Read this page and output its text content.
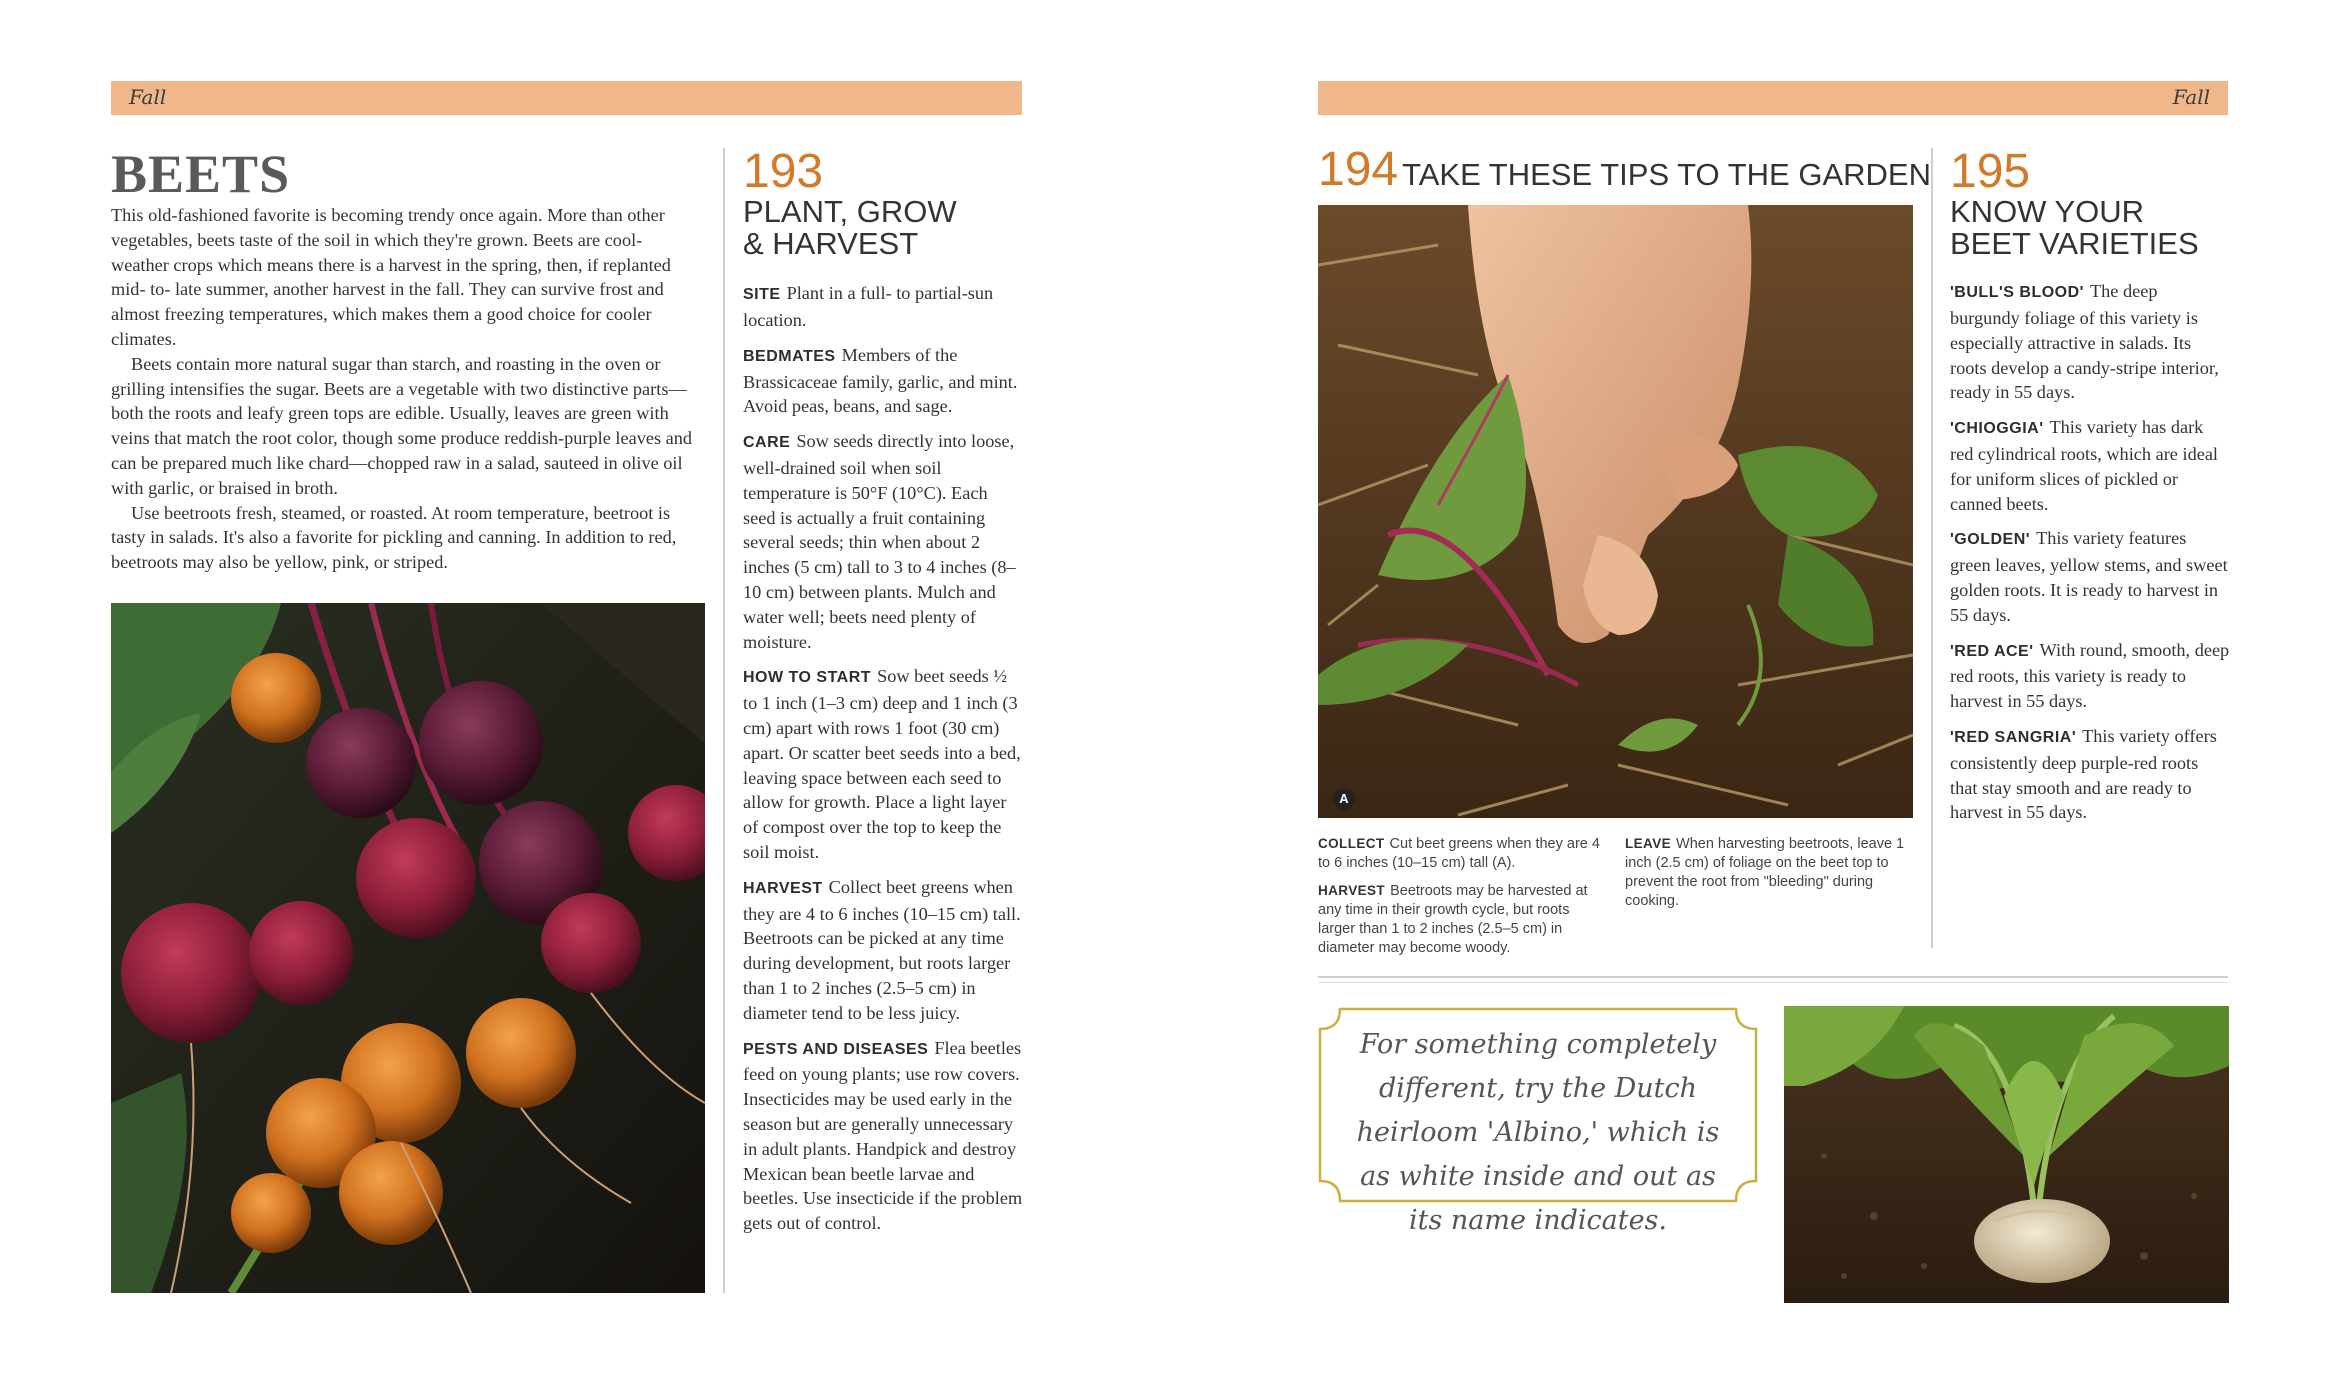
Fall	Fall
BEETS

This old-fashioned favorite is becoming trendy once again. More than other vegetables, beets taste of the soil in which they're grown. Beets are cool-weather crops which means there is a harvest in the spring, then, if replanted mid- to- late summer, another harvest in the fall. They can survive frost and almost freezing temperatures, which makes them a good choice for cooler climates.

Beets contain more natural sugar than starch, and roasting in the oven or grilling intensifies the sugar. Beets are a vegetable with two distinctive parts—both the roots and leafy green tops are edible. Usually, leaves are green with veins that match the root color, though some produce reddish-purple leaves and can be prepared much like chard—chopped raw in a salad, sauteed in olive oil with garlic, or braised in broth.

Use beetroots fresh, steamed, or roasted. At room temperature, beetroot is tasty in salads. It's also a favorite for pickling and canning. In addition to red, beetroots may also be yellow, pink, or striped.

193
PLANT, GROW
& HARVEST

SITE Plant in a full- to partial-sun location.

BEDMATES Members of the Brassicaceae family, garlic, and mint. Avoid peas, beans, and sage.

CARE Sow seeds directly into loose, well-drained soil when soil temperature is 50°F (10°C). Each seed is actually a fruit containing several seeds; thin when about 2 inches (5 cm) tall to 3 to 4 inches (8–10 cm) between plants. Mulch and water well; beets need plenty of moisture.

HOW TO START Sow beet seeds ½ to 1 inch (1–3 cm) deep and 1 inch (3 cm) apart with rows 1 foot (30 cm) apart. Or scatter beet seeds into a bed, leaving space between each seed to allow for growth. Place a light layer of compost over the top to keep the soil moist.

HARVEST Collect beet greens when they are 4 to 6 inches (10–15 cm) tall. Beetroots can be picked at any time during development, but roots larger than 1 to 2 inches (2.5–5 cm) in diameter tend to be less juicy.

PESTS AND DISEASES Flea beetles feed on young plants; use row covers. Insecticides may be used early in the season but are generally unnecessary in adult plants. Handpick and destroy Mexican bean beetle larvae and beetles. Use insecticide if the problem gets out of control.

194 TAKE THESE TIPS TO THE GARDEN
A

COLLECT Cut beet greens when they are 4 to 6 inches (10–15 cm) tall (A).

HARVEST Beetroots may be harvested at any time in their growth cycle, but roots larger than 1 to 2 inches (2.5–5 cm) in diameter may become woody.

LEAVE When harvesting beetroots, leave 1 inch (2.5 cm) of foliage on the beet top to prevent the root from "bleeding" during cooking.

195
KNOW YOUR
BEET VARIETIES

'BULL'S BLOOD' The deep burgundy foliage of this variety is especially attractive in salads. Its roots develop a candy-stripe interior, ready in 55 days.

'CHIOGGIA' This variety has dark red cylindrical roots, which are ideal for uniform slices of pickled or canned beets.

'GOLDEN' This variety features green leaves, yellow stems, and sweet golden roots. It is ready to harvest in 55 days.

'RED ACE' With round, smooth, deep red roots, this variety is ready to harvest in 55 days.

'RED SANGRIA' This variety offers consistently deep purple-red roots that stay smooth and are ready to harvest in 55 days.

For something completely different, try the Dutch heirloom 'Albino,' which is as white inside and out as its name indicates.
